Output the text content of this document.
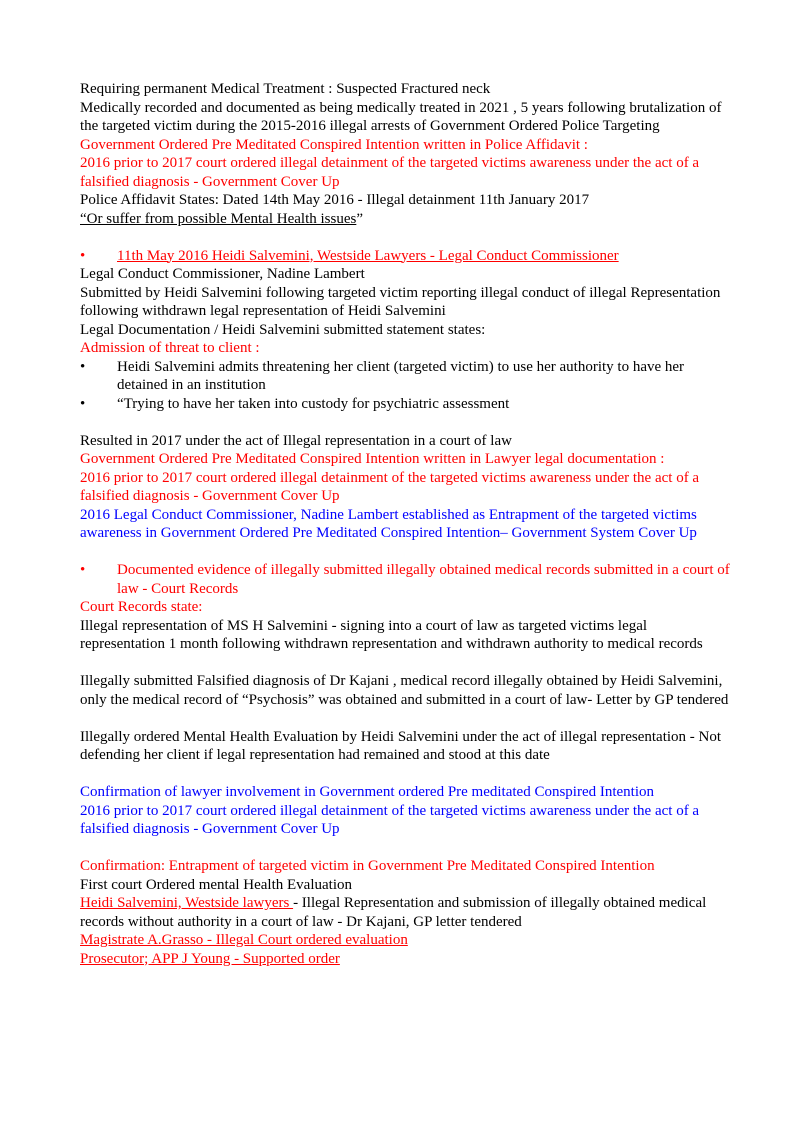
Requiring permanent Medical Treatment : Suspected Fractured neck

Medically recorded and documented as being medically treated in 2021 , 5 years following brutalization of the targeted victim during the 2015-2016 illegal arrests of Government Ordered Police Targeting

Government Ordered Pre Meditated Conspired Intention written in Police Affidavit :

2016 prior to 2017 court ordered illegal detainment of the targeted victims awareness under the act of a falsified diagnosis - Government Cover Up

Police Affidavit States: Dated 14th May 2016 - Illegal detainment 11th January 2017

“Or suffer from possible Mental Health issues”

•	11th May 2016 Heidi Salvemini, Westside Lawyers - Legal Conduct Commissioner

Legal Conduct Commissioner, Nadine Lambert

Submitted by Heidi Salvemini following targeted victim reporting illegal conduct of illegal Representation following withdrawn legal representation of Heidi Salvemini

Legal Documentation / Heidi Salvemini submitted statement states:

Admission of threat to client :

•	Heidi Salvemini admits threatening her client (targeted victim) to use her authority to have her detained in an institution
•	“Trying to have her taken into custody for psychiatric assessment

Resulted in 2017 under the act of Illegal representation in a court of law

Government Ordered Pre Meditated Conspired Intention written in Lawyer legal documentation :

2016 prior to 2017 court ordered illegal detainment of the targeted victims awareness under the act of a falsified diagnosis - Government Cover Up

2016 Legal Conduct Commissioner, Nadine Lambert established as Entrapment of the targeted victims awareness in Government Ordered Pre Meditated Conspired Intention– Government System Cover Up

•	Documented evidence of illegally submitted illegally obtained medical records submitted in a court of law - Court Records

Court Records state:

Illegal representation of MS H Salvemini - signing into a court of law as targeted victims legal representation 1 month following withdrawn representation and withdrawn authority to medical records

Illegally submitted Falsified diagnosis of Dr Kajani , medical record illegally obtained by Heidi Salvemini, only the medical record of “Psychosis” was obtained and submitted in a court of law- Letter by GP tendered

Illegally ordered Mental Health Evaluation by Heidi Salvemini under the act of illegal representation - Not defending her client if legal representation had remained and stood at this date

Confirmation of lawyer involvement in Government ordered Pre meditated Conspired Intention

2016 prior to 2017 court ordered illegal detainment of the targeted victims awareness under the act of a falsified diagnosis - Government Cover Up

Confirmation: Entrapment of targeted victim in Government Pre Meditated Conspired Intention

First court Ordered mental Health Evaluation

Heidi Salvemini, Westside lawyers - Illegal Representation and submission of illegally obtained medical records without authority in a court of law - Dr Kajani, GP letter tendered

Magistrate A.Grasso - Illegal Court ordered evaluation

Prosecutor; APP J Young - Supported order
